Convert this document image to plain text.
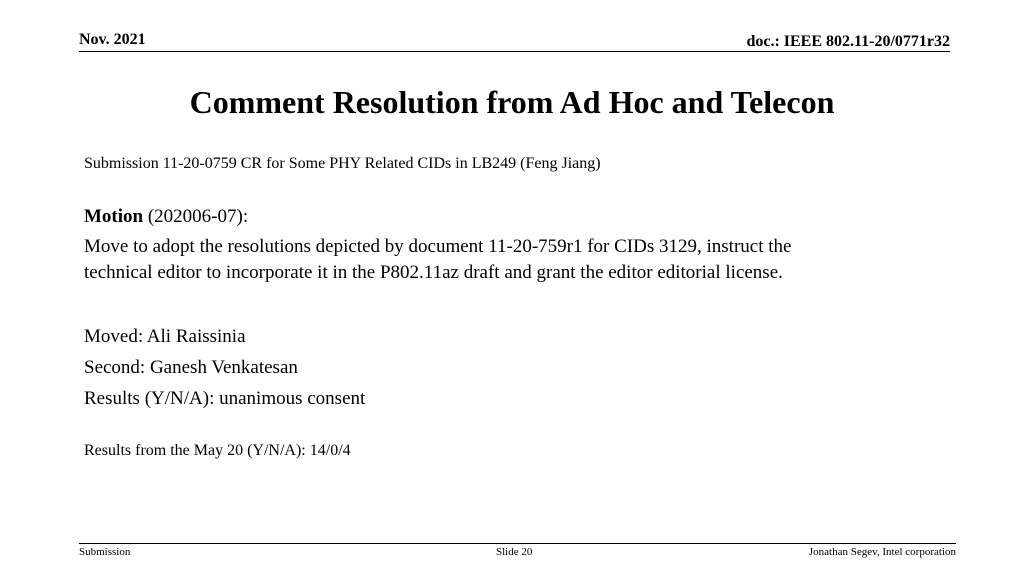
Nov. 2021	doc.: IEEE 802.11-20/0771r32
Comment Resolution from Ad Hoc and Telecon
Submission 11-20-0759 CR for Some PHY Related CIDs in LB249 (Feng Jiang)
Motion (202006-07):
Move to adopt the resolutions depicted by document 11-20-759r1 for CIDs 3129, instruct the
technical editor to incorporate it in the P802.11az draft and grant the editor editorial license.
Moved: Ali Raissinia
Second: Ganesh Venkatesan
Results (Y/N/A): unanimous consent
Results from the May 20 (Y/N/A): 14/0/4
Submission	Slide 20	Jonathan Segev, Intel corporation
